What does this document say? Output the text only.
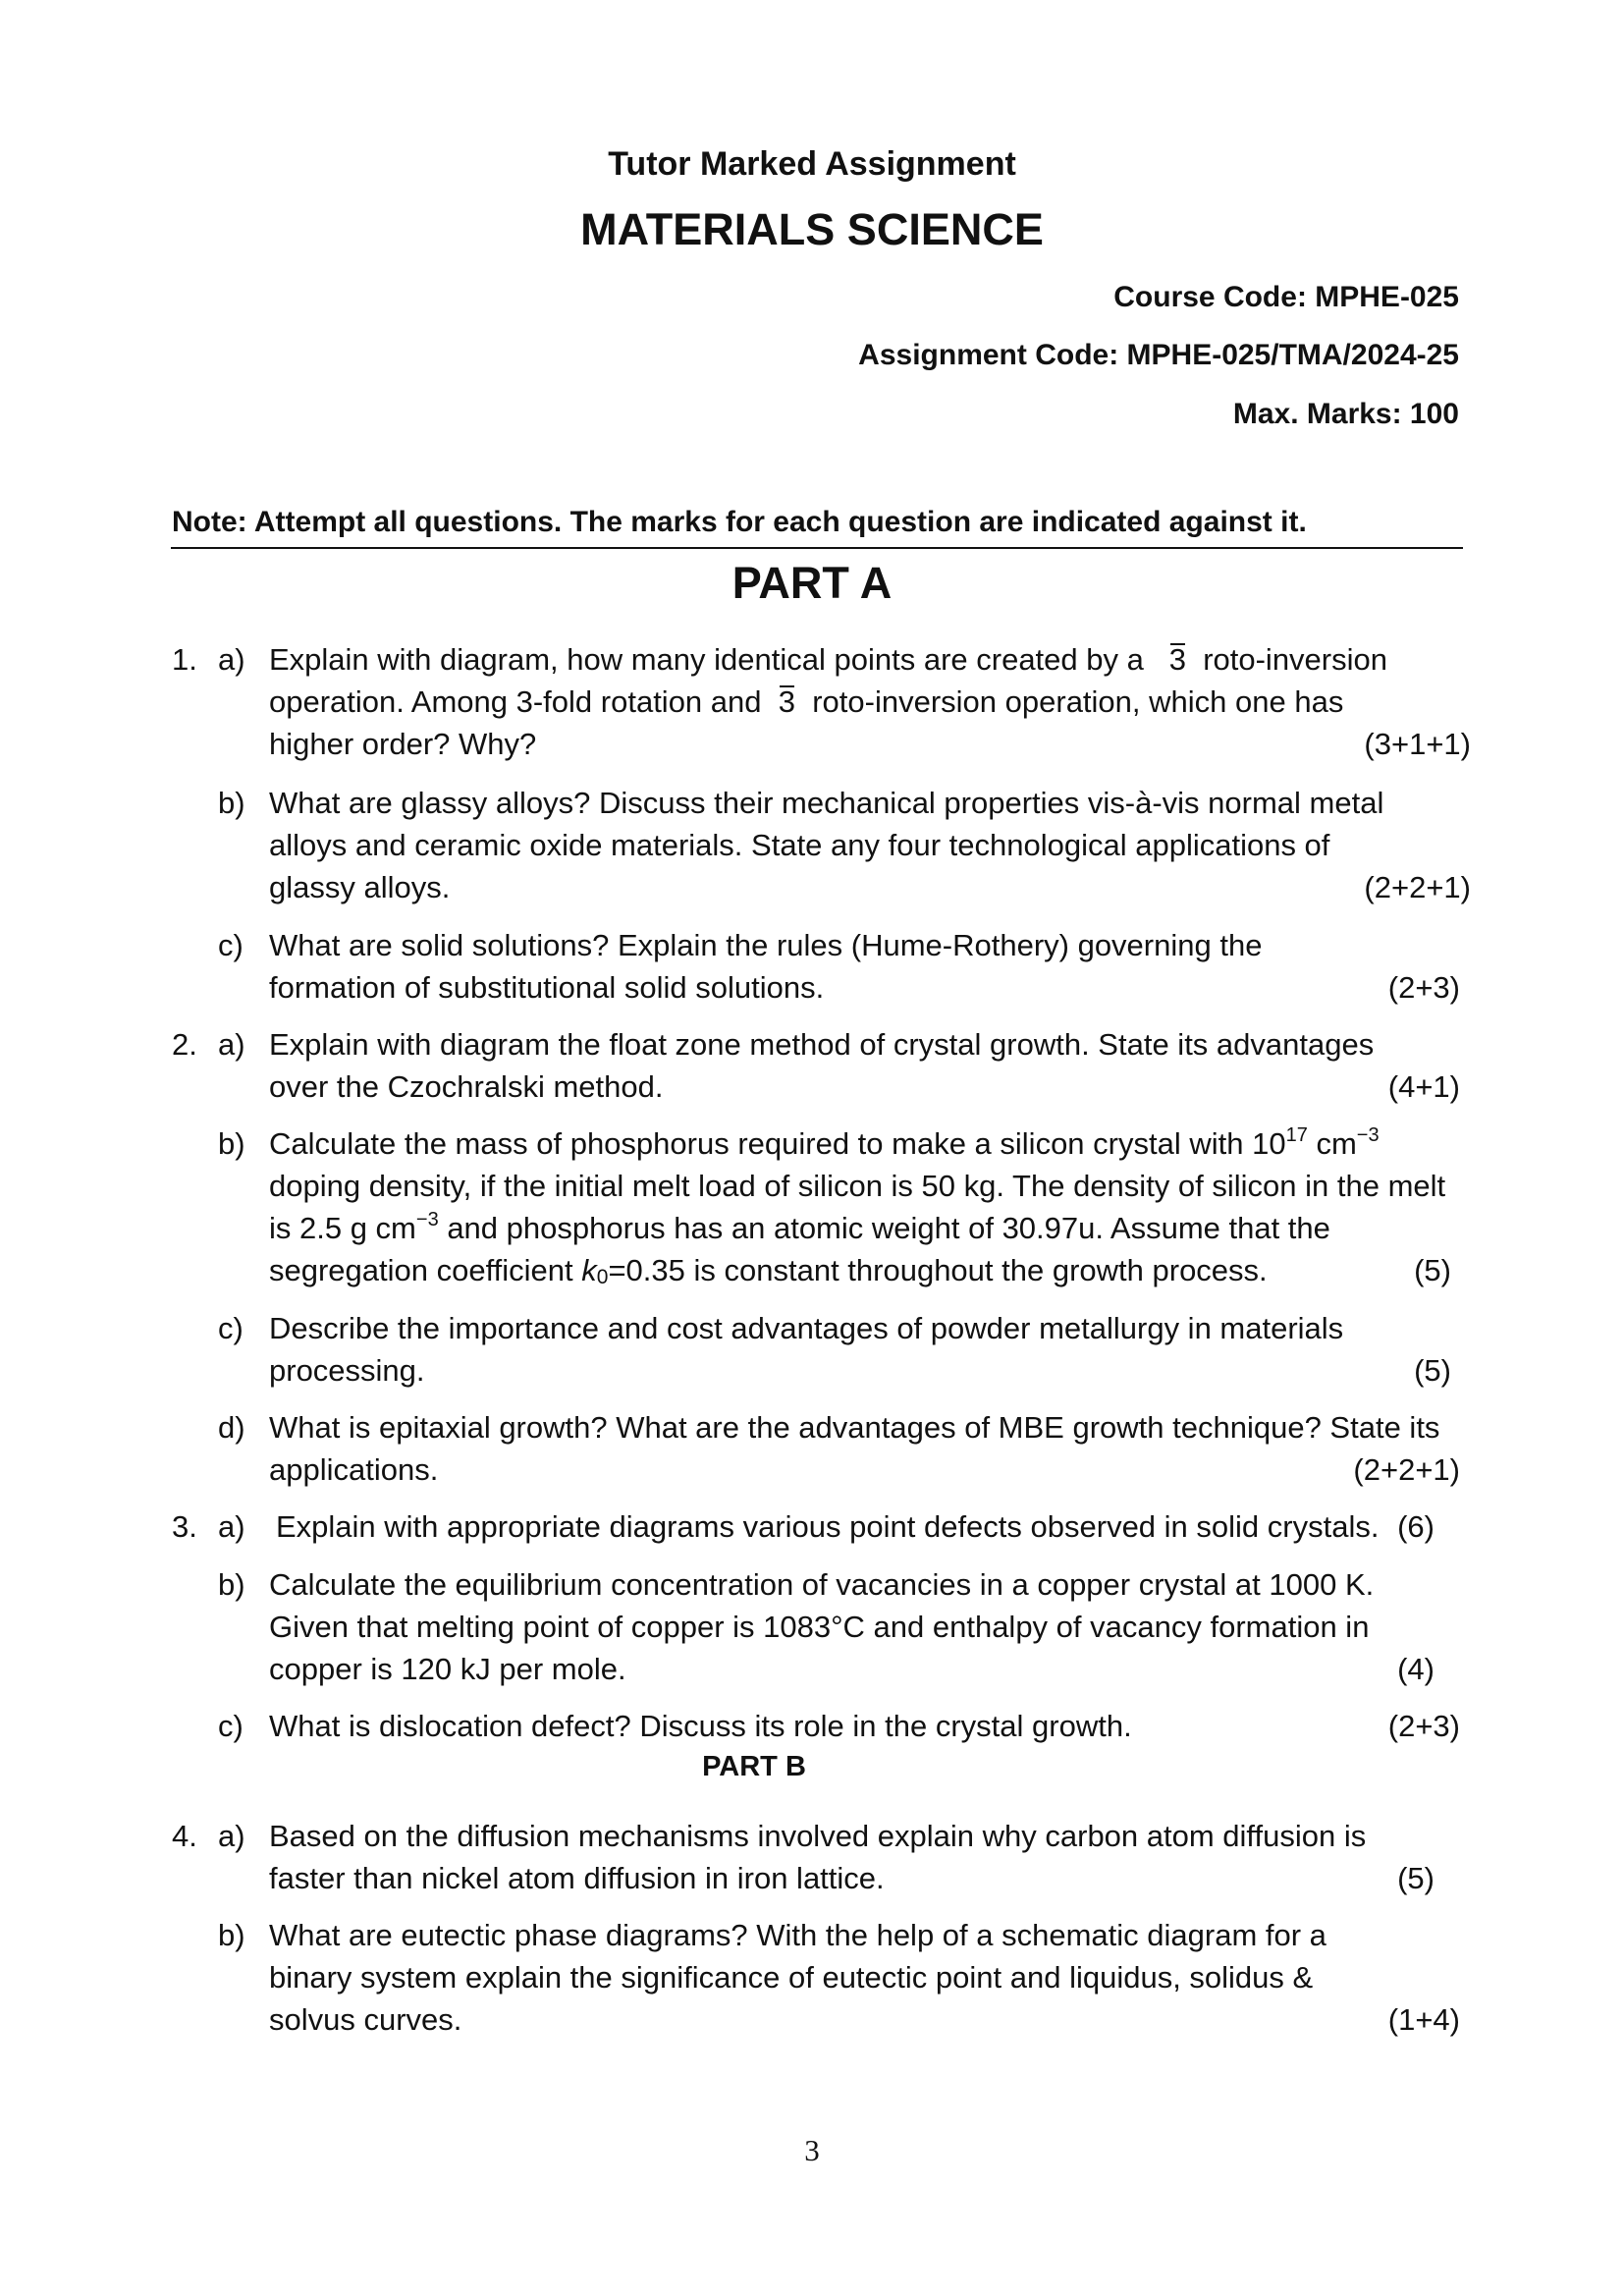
Tutor Marked Assignment
MATERIALS SCIENCE
Course Code: MPHE-025
Assignment Code: MPHE-025/TMA/2024-25
Max. Marks: 100
Note: Attempt all questions. The marks for each question are indicated against it.
PART A
1. a) Explain with diagram, how many identical points are created by a 3 roto-inversion
operation. Among 3-fold rotation and 3 roto-inversion operation, which one has
higher order? Why?	(3+1+1)
b) What are glassy alloys? Discuss their mechanical properties vis-à-vis normal metal
alloys and ceramic oxide materials. State any four technological applications of
glassy alloys.	(2+2+1)
c) What are solid solutions? Explain the rules (Hume-Rothery) governing the
formation of substitutional solid solutions.	(2+3)
2. a) Explain with diagram the float zone method of crystal growth. State its advantages
over the Czochralski method.	(4+1)
b) Calculate the mass of phosphorus required to make a silicon crystal with $10^{17}$ $cm^{-3}$
doping density, if the initial melt load of silicon is 50 kg. The density of silicon in the melt
is 2.5 g $cm^{-3}$ and phosphorus has an atomic weight of 30.97u. Assume that the
segregation coefficient $k_0=0.35$ is constant throughout the growth process.	(5)
c) Describe the importance and cost advantages of powder metallurgy in materials
processing.	(5)
d) What is epitaxial growth? What are the advantages of MBE growth technique? State its
applications.	(2+2+1)
3. a) Explain with appropriate diagrams various point defects observed in solid crystals. (6)
b) Calculate the equilibrium concentration of vacancies in a copper crystal at 1000 K.
Given that melting point of copper is 1083°C and enthalpy of vacancy formation in
copper is 120 kJ per mole.	(4)
c) What is dislocation defect? Discuss its role in the crystal growth.	(2+3)
PART B
4. a) Based on the diffusion mechanisms involved explain why carbon atom diffusion is
faster than nickel atom diffusion in iron lattice.	(5)
b) What are eutectic phase diagrams? With the help of a schematic diagram for a
binary system explain the significance of eutectic point and liquidus, solidus &
solvus curves.	(1+4)
3
